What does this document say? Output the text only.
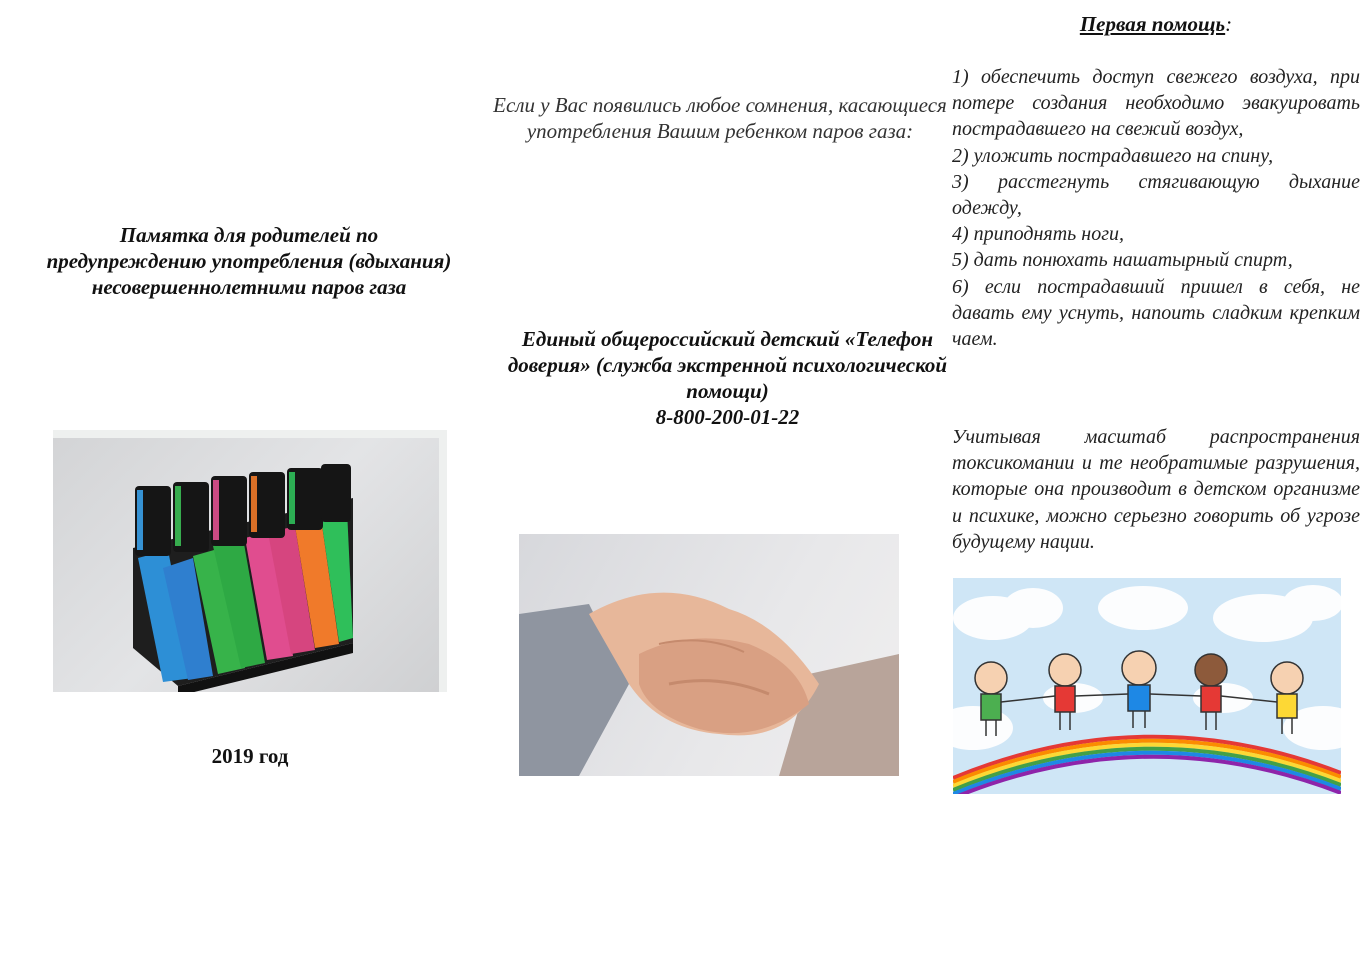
Памятка для родителей по предупреждению употребления (вдыхания) несовершеннолетними паров газа
2019 год
Если у Вас появились любое сомнения, касающиеся употребления Вашим ребенком паров газа:
Единый общероссийский детский «Телефон доверия» (служба экстренной психологической помощи)
8-800-200-01-22
Первая помощь:
1) обеспечить доступ свежего воздуха, при потере создания необходимо эвакуировать пострадавшего на свежий воздух,
2) уложить пострадавшего на спину,
3) расстегнуть стягивающую дыхание одежду,
4) приподнять ноги,
5) дать понюхать нашатырный спирт,
6) если пострадавший пришел в себя, не давать ему уснуть, напоить сладким крепким чаем.
Учитывая масштаб распространения токсикомании и те необратимые разрушения, которые она производит в детском организме и психике, можно серьезно говорить об угрозе будущему нации.
